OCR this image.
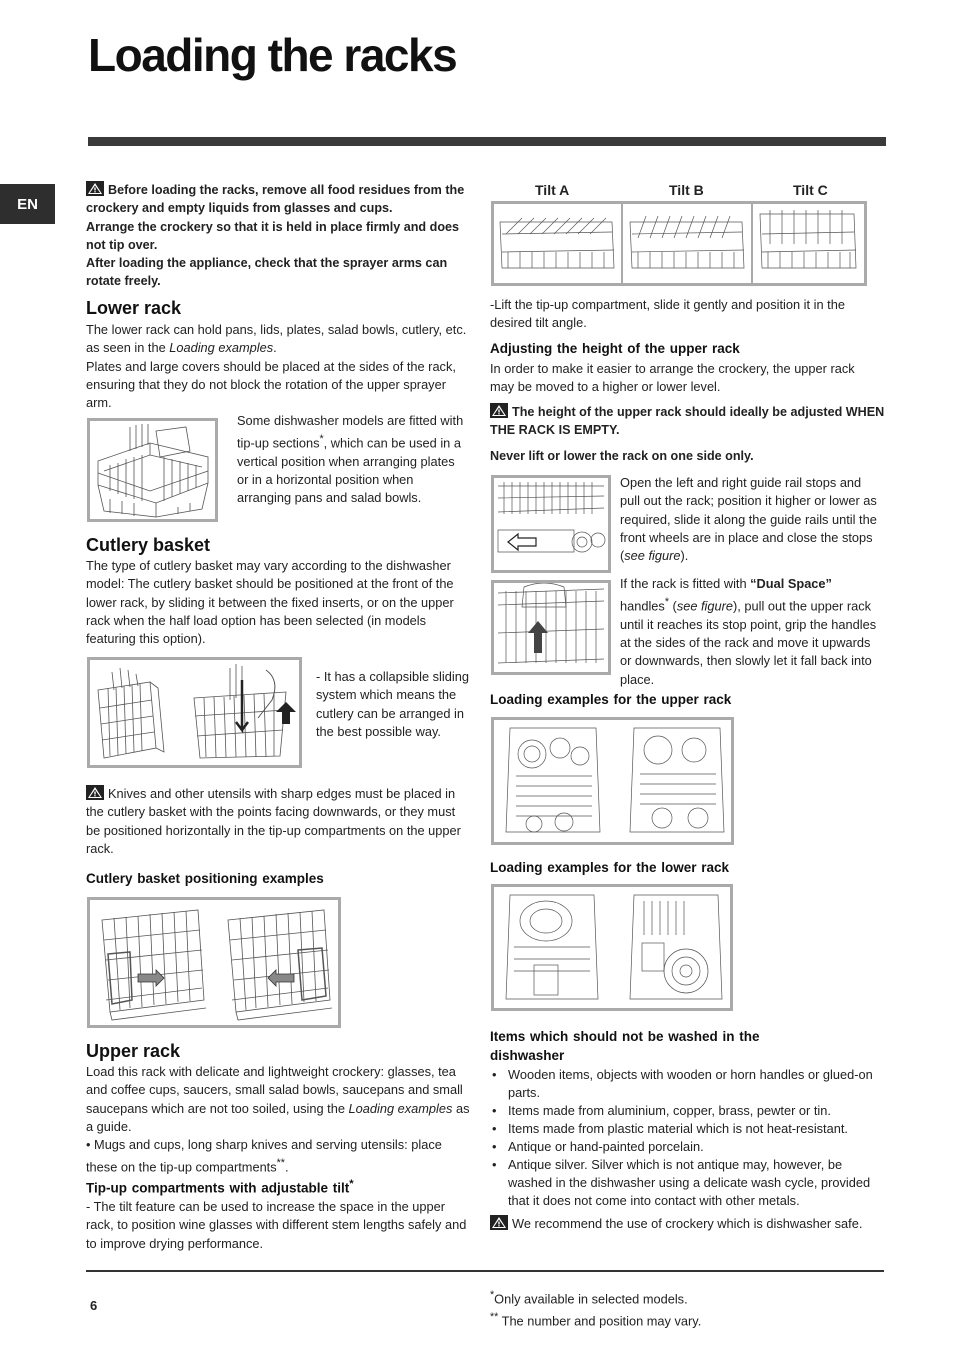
Loading the racks
EN
Before loading the racks, remove all food residues from the crockery and empty liquids from glasses and cups.
Arrange the crockery so that it is held in place firmly and does not tip over.
After loading the appliance, check that the sprayer arms can rotate freely.
Lower rack
The lower rack can hold pans, lids, plates, salad bowls, cutlery, etc. as seen in the Loading examples.
Plates and large covers should be placed at the sides of the rack, ensuring that they do not block the rotation of the upper sprayer arm.
Some dishwasher models are fitted with tip-up sections*, which can be used in a vertical position when arranging plates or in a horizontal position when arranging pans and salad bowls.
Cutlery basket
The type of cutlery basket may vary according to the dishwasher model: The cutlery basket should be positioned at the front of the lower rack, by sliding it between the fixed inserts, or on the upper rack when the half load option has been selected (in models featuring this option).
- It has a collapsible sliding system which means the cutlery can be arranged in the best possible way.
Knives and other utensils with sharp edges must be placed in the cutlery basket with the points facing downwards, or they must be positioned horizontally in the tip-up compartments on the upper rack.
Cutlery basket positioning examples
Upper rack
Load this rack with delicate and lightweight crockery: glasses, tea and coffee cups, saucers, small salad bowls, saucepans and small saucepans which are not too soiled, using the Loading examples as a guide.
• Mugs and cups, long sharp knives and serving utensils: place these on the tip-up compartments**.
Tip-up compartments with adjustable tilt*
- The tilt feature can be used to increase the space in the upper rack, to position wine glasses with different stem lengths safely and to improve drying performance.
Tilt A	Tilt B	Tilt C
-Lift the tip-up compartment, slide it gently and position it in the desired tilt angle.
Adjusting the height of the upper rack
In order to make it easier to arrange the crockery, the upper rack may be moved to a higher or lower level.
The height of the upper rack should ideally be adjusted WHEN THE RACK IS EMPTY.
Never lift or lower the rack on one side only.
Open the left and right guide rail stops and pull out the rack; position it higher or lower as required, slide it along the guide rails until the front wheels are in place and close the stops (see figure).
If the rack is fitted with “Dual Space”
handles* (see figure), pull out the upper rack until it reaches its stop point, grip the handles at the sides of the rack and move it upwards or downwards, then slowly let it fall back into place.
Loading examples for the upper rack
Loading examples for the lower rack
Items which should not be washed in the dishwasher
• Wooden items, objects with wooden or horn handles or glued-on parts.
• Items made from aluminium, copper, brass, pewter or tin.
• Items made from plastic material which is not heat-resistant.
• Antique or hand-painted porcelain.
• Antique silver. Silver which is not antique may, however, be washed in the dishwasher using a delicate wash cycle, provided that it does not come into contact with other metals.
We recommend the use of crockery which is dishwasher safe.
6
*Only available in selected models.
** The number and position may vary.
